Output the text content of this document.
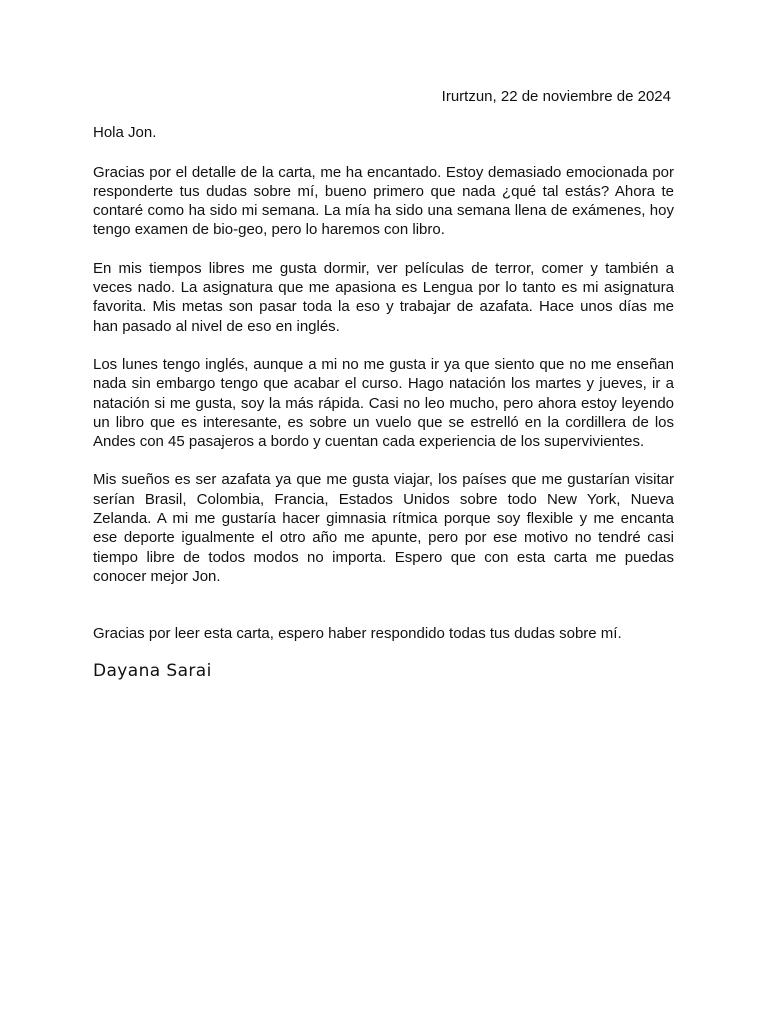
Irurtzun, 22 de noviembre de 2024

Hola Jon.

Gracias por el detalle de la carta, me ha encantado. Estoy demasiado emocionada por responderte tus dudas sobre mí, bueno primero que nada ¿qué tal estás? Ahora te contaré como ha sido mi semana. La mía ha sido una semana llena de exámenes, hoy tengo examen de bio-geo, pero lo haremos con libro.

En mis tiempos libres me gusta dormir, ver películas de terror, comer y también a veces nado. La asignatura que me apasiona es Lengua por lo tanto es mi asignatura favorita. Mis metas son pasar toda la eso y trabajar de azafata. Hace unos días me han pasado al nivel de eso en inglés.

Los lunes tengo inglés, aunque a mi no me gusta ir ya que siento que no me enseñan nada sin embargo tengo que acabar el curso. Hago natación los martes y jueves, ir a natación si me gusta, soy la más rápida. Casi no leo mucho, pero ahora estoy leyendo un libro que es interesante, es sobre un vuelo que se estrelló en la cordillera de los Andes con 45 pasajeros a bordo y cuentan cada experiencia de los supervivientes.

Mis sueños es ser azafata ya que me gusta viajar, los países que me gustarían visitar serían Brasil, Colombia, Francia, Estados Unidos sobre todo New York, Nueva Zelanda. A mi me gustaría hacer gimnasia rítmica porque soy flexible y me encanta ese deporte igualmente el otro año me apunte, pero por ese motivo no tendré casi tiempo libre de todos modos no importa. Espero que con esta carta me puedas conocer mejor Jon.

Gracias por leer esta carta, espero haber respondido todas tus dudas sobre mí.

Dayana Sarai
